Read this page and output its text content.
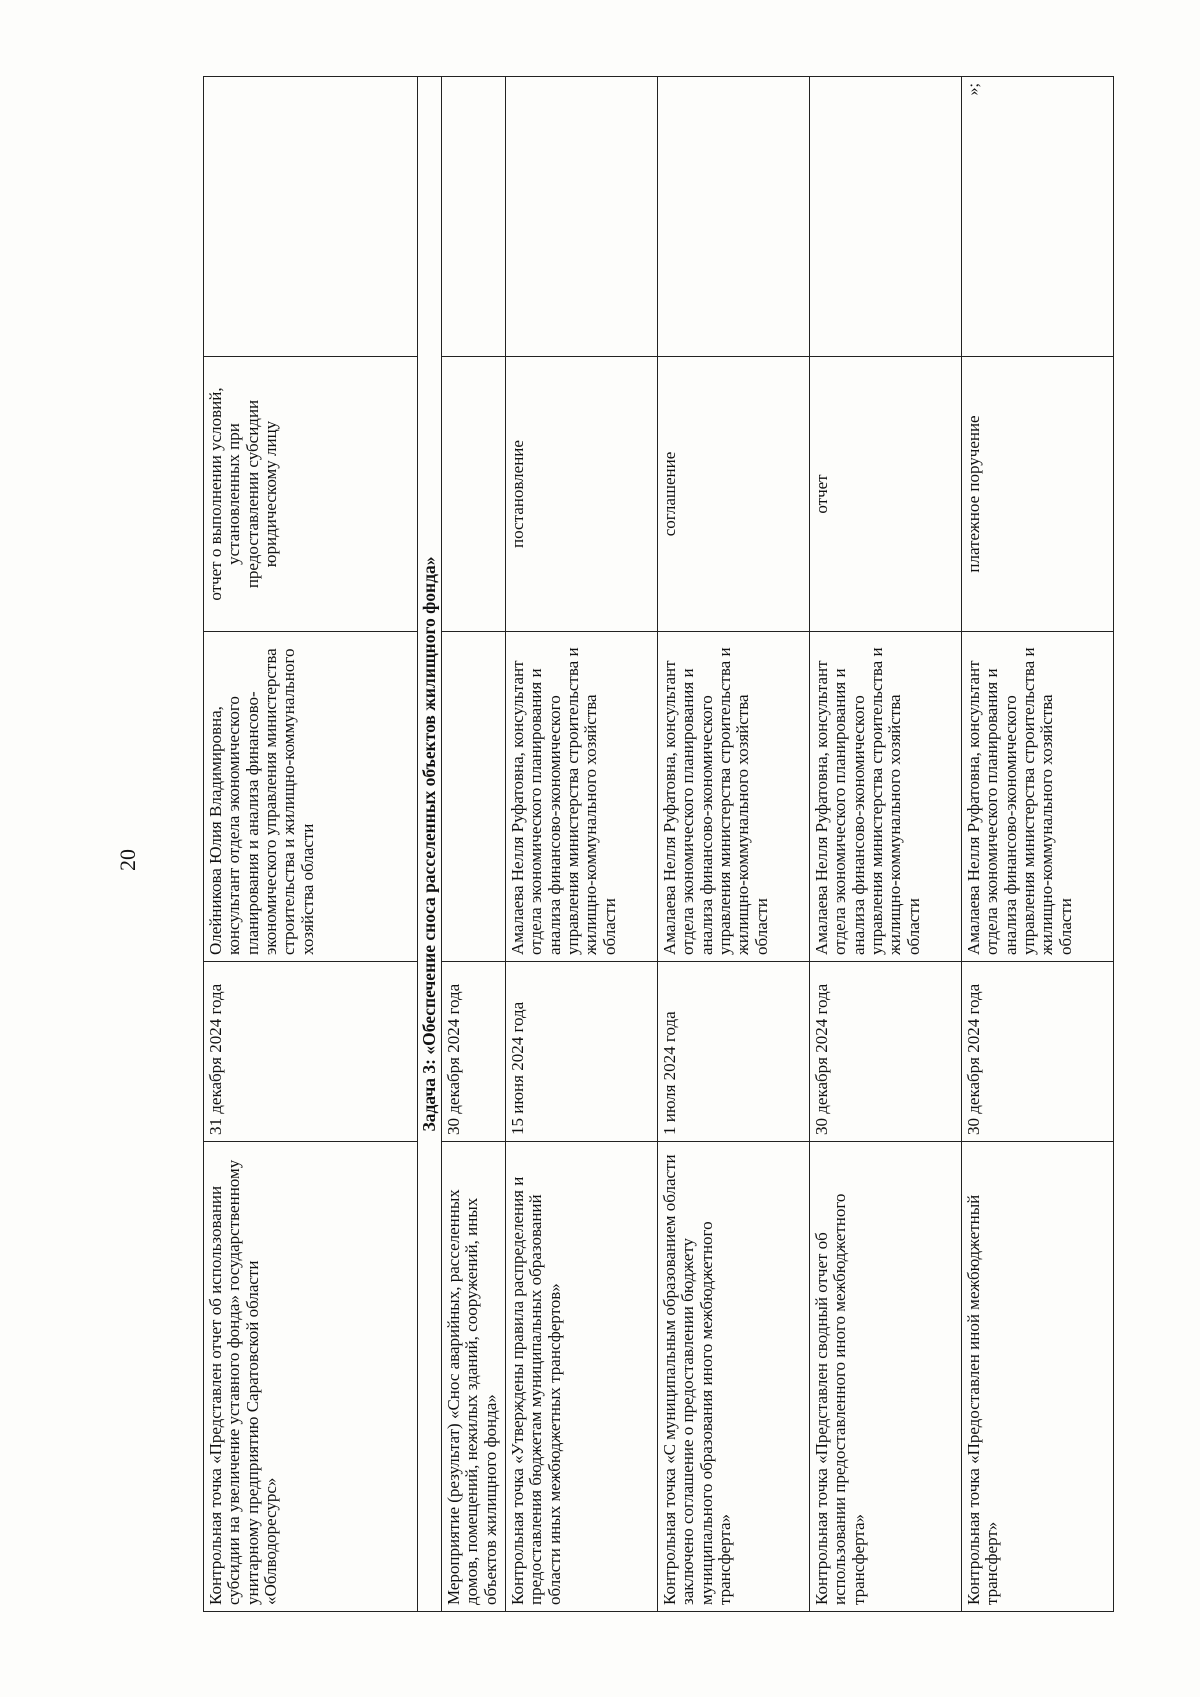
20
Контрольная точка «Представлен отчет об использовании субсидии на увеличение уставного фонда» государственному унитарному предприятию Саратовской области «Облводоресурс»	31 декабря 2024 года	Олейникова Юлия Владимировна, консультант отдела экономического планирования и анализа финансово-экономического управления министерства строительства и жилищно-коммунального хозяйства области	отчет о выполнении условий, установленных при предоставлении субсидии юридическому лицу	
Задача 3: «Обеспечение сноса расселенных объектов жилищного фонда»				
Мероприятие (результат) «Снос аварийных, расселенных домов, помещений, нежилых зданий, сооружений, иных объектов жилищного фонда»	30 декабря 2024 года			
Контрольная точка «Утверждены правила распределения и предоставления бюджетам муниципальных образований области иных межбюджетных трансфертов»	15 июня 2024 года	Амалаева Нелля Руфатовна, консультант отдела экономического планирования и анализа финансово-экономического управления министерства строительства и жилищно-коммунального хозяйства области	постановление	
Контрольная точка «С муниципальным образованием области заключено соглашение о предоставлении бюджету муниципального образования иного межбюджетного трансферта»	1 июля 2024 года	Амалаева Нелля Руфатовна, консультант отдела экономического планирования и анализа финансово-экономического управления министерства строительства и жилищно-коммунального хозяйства области	соглашение	
Контрольная точка «Представлен сводный отчет об использовании предоставленного иного межбюджетного трансферта»	30 декабря 2024 года	Амалаева Нелля Руфатовна, консультант отдела экономического планирования и анализа финансово-экономического управления министерства строительства и жилищно-коммунального хозяйства области	отчет	
Контрольная точка «Предоставлен иной межбюджетный трансферт»	30 декабря 2024 года	Амалаева Нелля Руфатовна, консультант отдела экономического планирования и анализа финансово-экономического управления министерства строительства и жилищно-коммунального хозяйства области	платежное поручение	»;
